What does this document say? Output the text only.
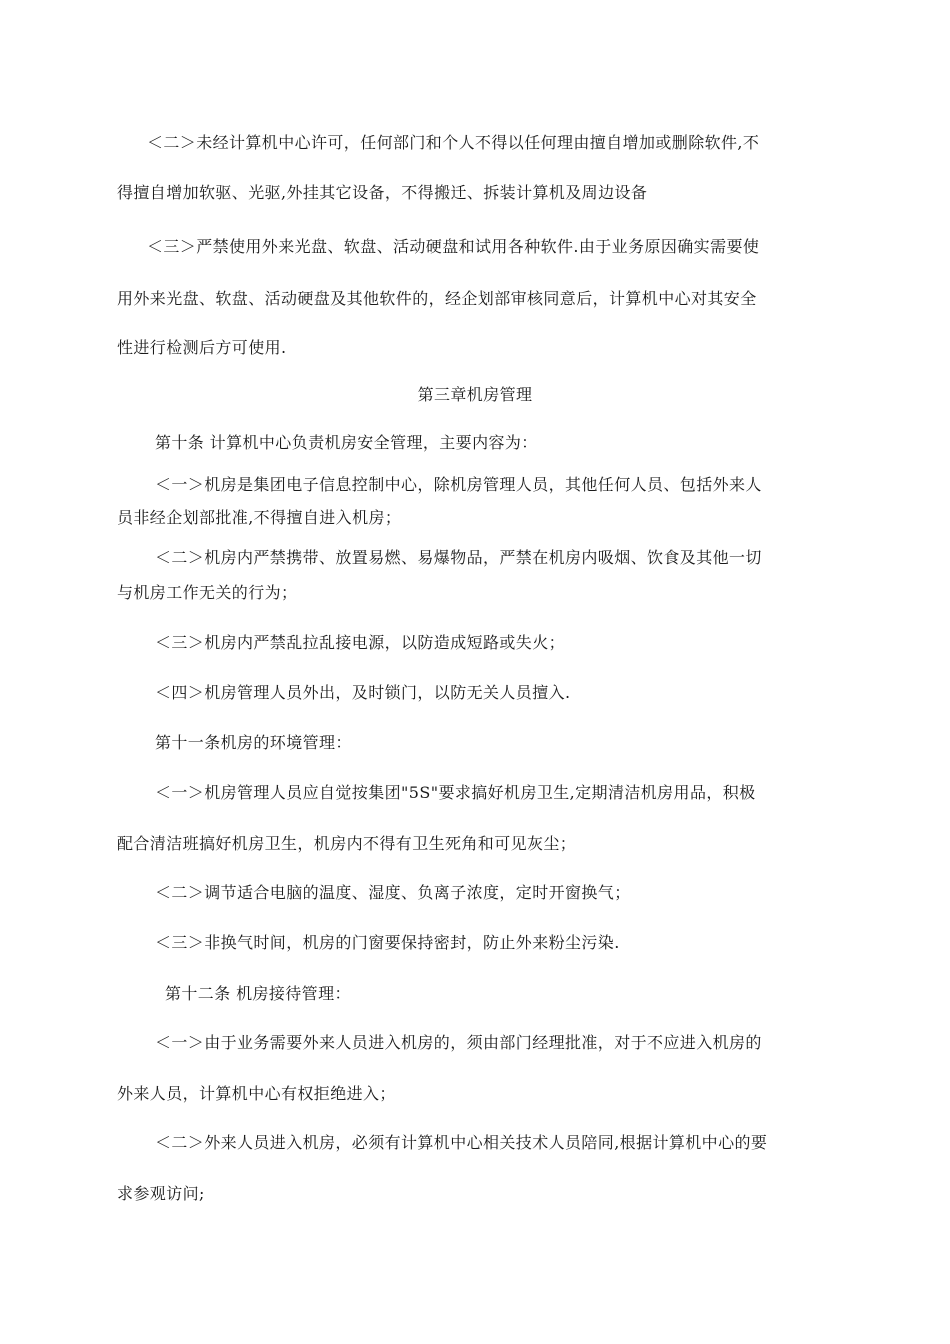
＜二＞未经计算机中心许可，任何部门和个人不得以任何理由擅自增加或删除软件,不
得擅自增加软驱、光驱,外挂其它设备，不得搬迁、拆装计算机及周边设备
＜三＞严禁使用外来光盘、软盘、活动硬盘和试用各种软件.由于业务原因确实需要使
用外来光盘、软盘、活动硬盘及其他软件的，经企划部审核同意后，计算机中心对其安全
性进行检测后方可使用.
第三章机房管理
第十条 计算机中心负责机房安全管理，主要内容为：
＜一＞机房是集团电子信息控制中心，除机房管理人员，其他任何人员、包括外来人
员非经企划部批准,不得擅自进入机房；
＜二＞机房内严禁携带、放置易燃、易爆物品，严禁在机房内吸烟、饮食及其他一切
与机房工作无关的行为；
＜三＞机房内严禁乱拉乱接电源，以防造成短路或失火；
＜四＞机房管理人员外出，及时锁门，以防无关人员擅入.
第十一条机房的环境管理：
＜一＞机房管理人员应自觉按集团"5S"要求搞好机房卫生,定期清洁机房用品，积极
配合清洁班搞好机房卫生，机房内不得有卫生死角和可见灰尘；
＜二＞调节适合电脑的温度、湿度、负离子浓度，定时开窗换气；
＜三＞非换气时间，机房的门窗要保持密封，防止外来粉尘污染.
第十二条 机房接待管理：
＜一＞由于业务需要外来人员进入机房的，须由部门经理批准，对于不应进入机房的
外来人员，计算机中心有权拒绝进入；
＜二＞外来人员进入机房，必须有计算机中心相关技术人员陪同,根据计算机中心的要
求参观访问;
